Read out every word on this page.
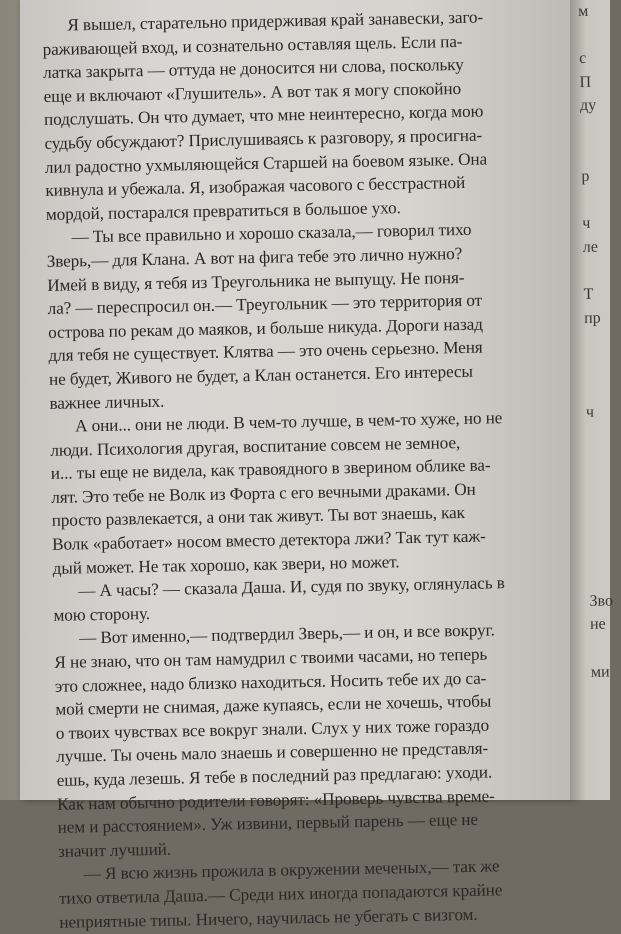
Я вышел, старательно придерживая край занавески, заго-
раживающей вход, и сознательно оставляя щель. Если па-
латка закрыта — оттуда не доносится ни слова, поскольку
еще и включают «Глушитель». А вот так я могу спокойно
подслушать. Он что думает, что мне неинтересно, когда мою
судьбу обсуждают? Прислушиваясь к разговору, я просигна-
лил радостно ухмыляющейся Старшей на боевом языке. Она
кивнула и убежала. Я, изображая часового с бесстрастной
мордой, постарался превратиться в большое ухо.
— Ты все правильно и хорошо сказала,— говорил тихо
Зверь,— для Клана. А вот на фига тебе это лично нужно?
Имей в виду, я тебя из Треугольника не выпущу. Не поня-
ла? — переспросил он.— Треугольник — это территория от
острова по рекам до маяков, и больше никуда. Дороги назад
для тебя не существует. Клятва — это очень серьезно. Меня
не будет, Живого не будет, а Клан останется. Его интересы
важнее личных.
А они... они не люди. В чем-то лучше, в чем-то хуже, но не
люди. Психология другая, воспитание совсем не земное,
и... ты еще не видела, как травоядного в зверином облике ва-
лят. Это тебе не Волк из Форта с его вечными драками. Он
просто развлекается, а они так живут. Ты вот знаешь, как
Волк «работает» носом вместо детектора лжи? Так тут каж-
дый может. Не так хорошо, как звери, но может.
— А часы? — сказала Даша. И, судя по звуку, оглянулась в
мою сторону.
— Вот именно,— подтвердил Зверь,— и он, и все вокруг.
Я не знаю, что он там намудрил с твоими часами, но теперь
это сложнее, надо близко находиться. Носить тебе их до са-
мой смерти не снимая, даже купаясь, если не хочешь, чтобы
о твоих чувствах все вокруг знали. Слух у них тоже гораздо
лучше. Ты очень мало знаешь и совершенно не представля-
ешь, куда лезешь. Я тебе в последний раз предлагаю: уходи.
Как нам обычно родители говорят: «Проверь чувства време-
нем и расстоянием». Уж извини, первый парень — еще не
значит лучший.
— Я всю жизнь прожила в окружении меченых,— так же
тихо ответила Даша.— Среди них иногда попадаются крайне
неприятные типы. Ничего, научилась не убегать с визгом.
м
с
П
ду
р
ч
ле
Т
пр
ч
Зво
не
ми
